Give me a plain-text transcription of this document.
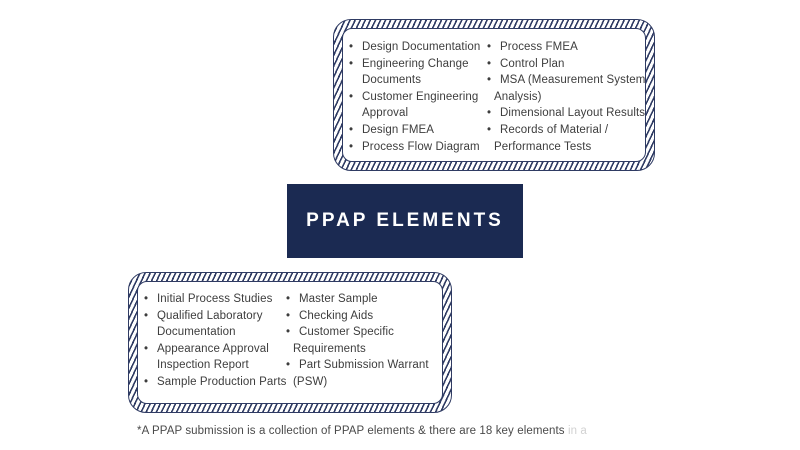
• Design Documentation
• Engineering Change
Documents
• Customer Engineering
Approval
• Design FMEA
• Process Flow Diagram
• Process FMEA
• Control Plan
• MSA (Measurement System
Analysis)
• Dimensional Layout Results
• Records of Material /
Performance Tests
PPAP ELEMENTS
• Initial Process Studies
• Qualified Laboratory
Documentation
• Appearance Approval
Inspection Report
• Sample Production Parts
• Master Sample
• Checking Aids
• Customer Specific
Requirements
• Part Submission Warrant
(PSW)
*A PPAP submission is a collection of PPAP elements & there are 18 key elements in a
